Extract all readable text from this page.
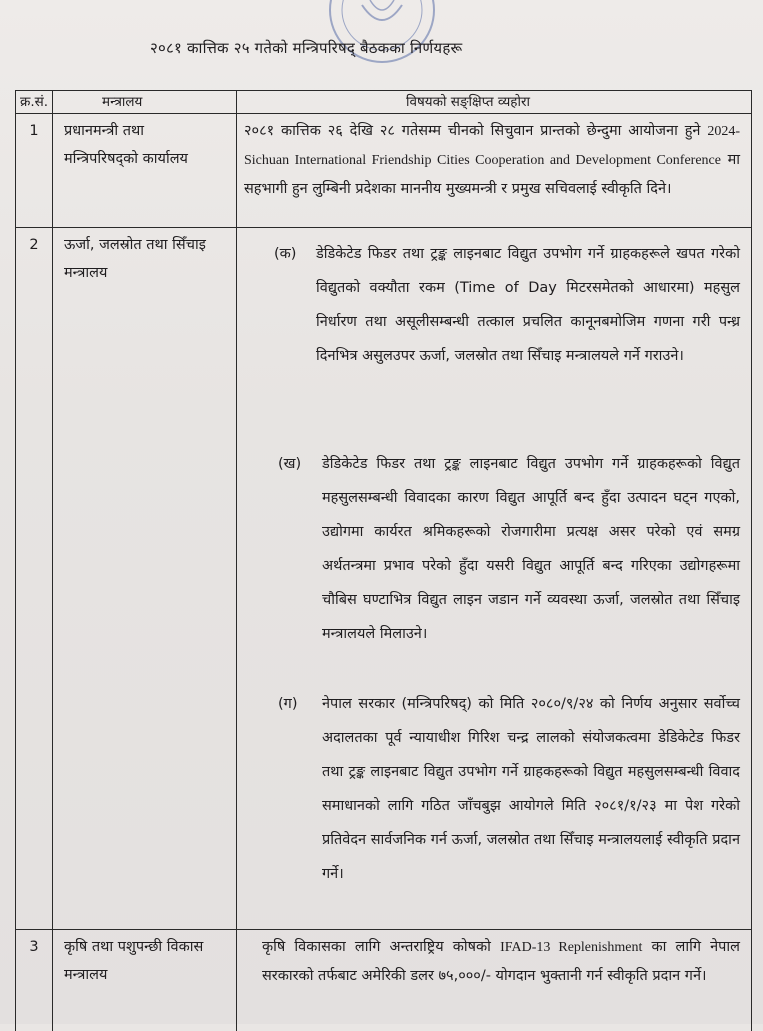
२०८१ कात्तिक २५ गतेको मन्त्रिपरिषद् बैठकका निर्णयहरू
क्र.सं.	मन्त्रालय	विषयको सङ्क्षिप्त व्यहोरा
1	प्रधानमन्त्री तथा मन्त्रिपरिषद्को कार्यालय
२०८१ कात्तिक २६ देखि २८ गतेसम्म चीनको सिचुवान प्रान्तको छेन्दुमा आयोजना हुने 2024-Sichuan International Friendship Cities Cooperation and Development Conference मा सहभागी हुन लुम्बिनी प्रदेशका माननीय मुख्यमन्त्री र प्रमुख सचिवलाई स्वीकृति दिने।
2	ऊर्जा, जलस्रोत तथा सिँचाइ मन्त्रालय
(क) डेडिकेटेड फिडर तथा ट्रङ्क लाइनबाट विद्युत उपभोग गर्ने ग्राहकहरूले खपत गरेको विद्युतको वक्यौता रकम (Time of Day मिटरसमेतको आधारमा) महसुल निर्धारण तथा असूलीसम्बन्धी तत्काल प्रचलित कानूनबमोजिम गणना गरी पन्ध्र दिनभित्र असुलउपर ऊर्जा, जलस्रोत तथा सिँचाइ मन्त्रालयले गर्ने गराउने।
(ख) डेडिकेटेड फिडर तथा ट्रङ्क लाइनबाट विद्युत उपभोग गर्ने ग्राहकहरूको विद्युत महसुलसम्बन्धी विवादका कारण विद्युत आपूर्ति बन्द हुँदा उत्पादन घट्न गएको, उद्योगमा कार्यरत श्रमिकहरूको रोजगारीमा प्रत्यक्ष असर परेको एवं समग्र अर्थतन्त्रमा प्रभाव परेको हुँदा यसरी विद्युत आपूर्ति बन्द गरिएका उद्योगहरूमा चौबिस घण्टाभित्र विद्युत लाइन जडान गर्ने व्यवस्था ऊर्जा, जलस्रोत तथा सिँचाइ मन्त्रालयले मिलाउने।
(ग) नेपाल सरकार (मन्त्रिपरिषद्) को मिति २०८०/९/२४ को निर्णय अनुसार सर्वोच्च अदालतका पूर्व न्यायाधीश गिरिश चन्द्र लालको संयोजकत्वमा डेडिकेटेड फिडर तथा ट्रङ्क लाइनबाट विद्युत उपभोग गर्ने ग्राहकहरूको विद्युत महसुलसम्बन्धी विवाद समाधानको लागि गठित जाँचबुझ आयोगले मिति २०८१/१/२३ मा पेश गरेको प्रतिवेदन सार्वजनिक गर्न ऊर्जा, जलस्रोत तथा सिँचाइ मन्त्रालयलाई स्वीकृति प्रदान गर्ने।
3	कृषि तथा पशुपन्छी विकास मन्त्रालय
कृषि विकासका लागि अन्तराष्ट्रिय कोषको IFAD-13 Replenishment का लागि नेपाल सरकारको तर्फबाट अमेरिकी डलर ७५,०००/- योगदान भुक्तानी गर्न स्वीकृति प्रदान गर्ने।
